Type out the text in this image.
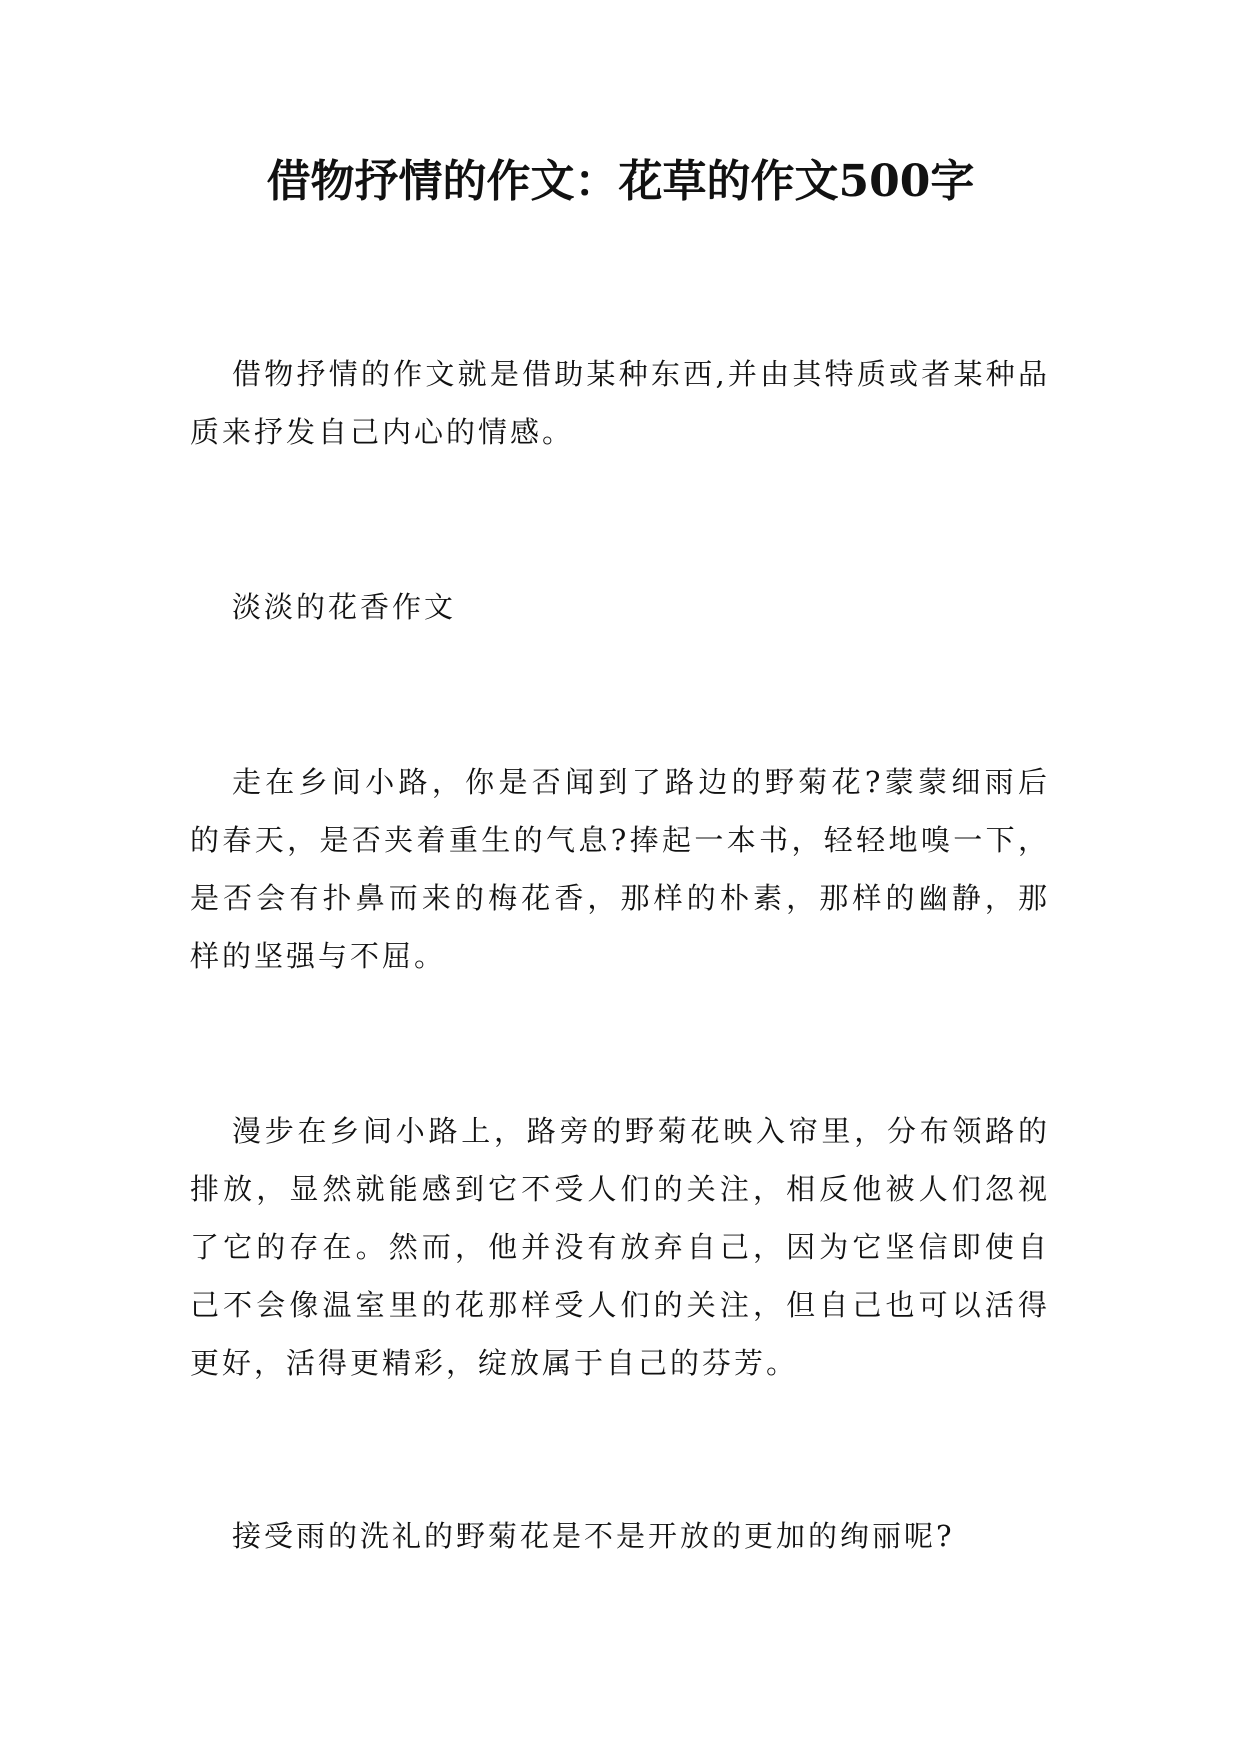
借物抒情的作文：花草的作文500字

借物抒情的作文就是借助某种东西,并由其特质或者某种品质来抒发自己内心的情感。

淡淡的花香作文

走在乡间小路，你是否闻到了路边的野菊花?蒙蒙细雨后的春天，是否夹着重生的气息?捧起一本书，轻轻地嗅一下，是否会有扑鼻而来的梅花香，那样的朴素，那样的幽静，那样的坚强与不屈。

漫步在乡间小路上，路旁的野菊花映入帘里，分布领路的排放，显然就能感到它不受人们的关注，相反他被人们忽视了它的存在。然而，他并没有放弃自己，因为它坚信即使自己不会像温室里的花那样受人们的关注，但自己也可以活得更好，活得更精彩，绽放属于自己的芬芳。

接受雨的洗礼的野菊花是不是开放的更加的绚丽呢?
